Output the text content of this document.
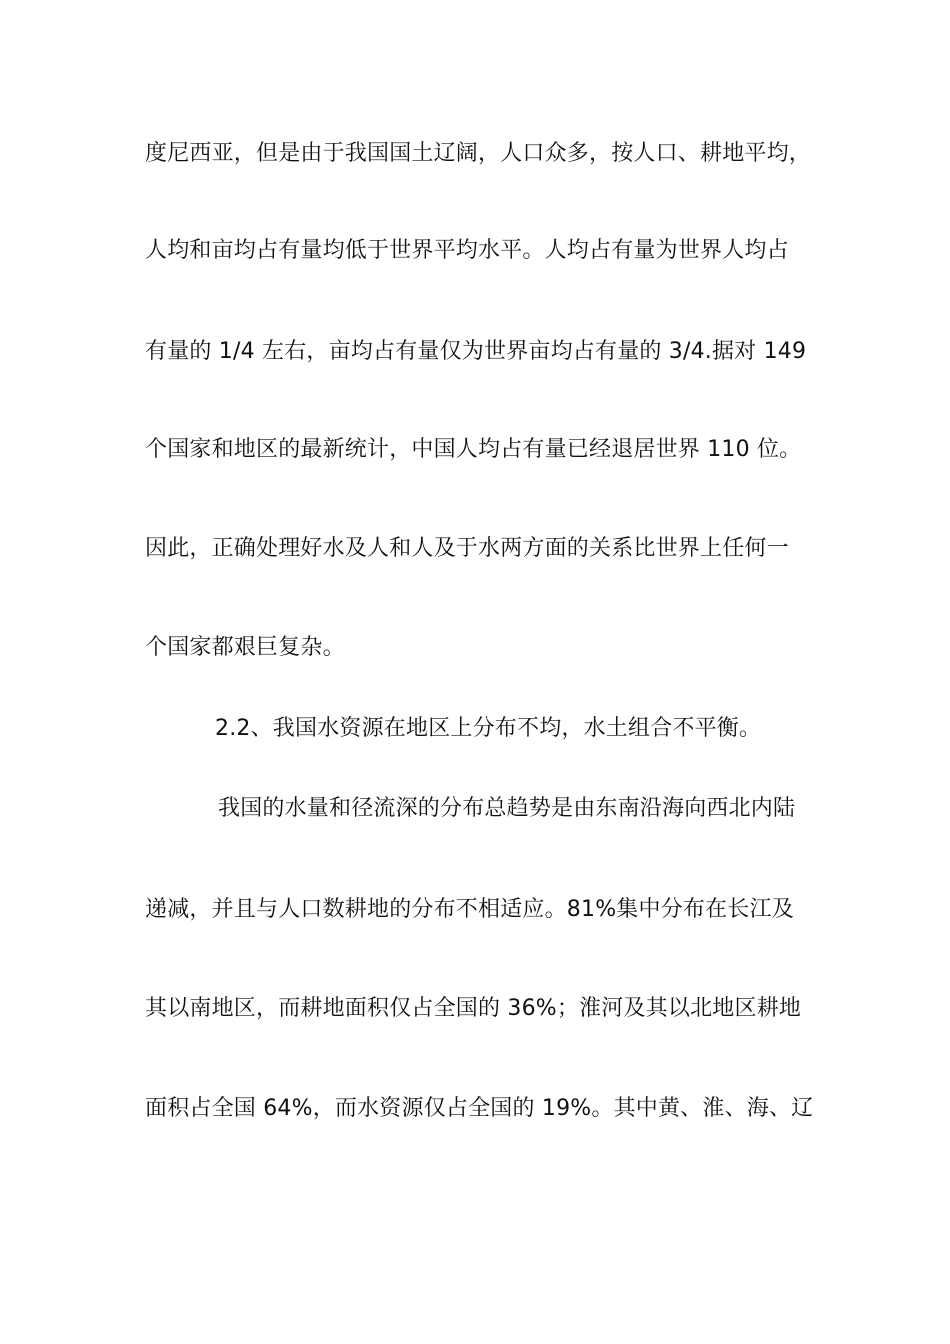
度尼西亚，但是由于我国国土辽阔，人口众多，按人口、耕地平均，
人均和亩均占有量均低于世界平均水平。人均占有量为世界人均占
有量的 1/4 左右，亩均占有量仅为世界亩均占有量的 3/4.据对 149
个国家和地区的最新统计，中国人均占有量已经退居世界 110 位。
因此，正确处理好水及人和人及于水两方面的关系比世界上任何一
个国家都艰巨复杂。
2.2、我国水资源在地区上分布不均，水土组合不平衡。
我国的水量和径流深的分布总趋势是由东南沿海向西北内陆
递减，并且与人口数耕地的分布不相适应。81%集中分布在长江及
其以南地区，而耕地面积仅占全国的 36%；淮河及其以北地区耕地
面积占全国 64%，而水资源仅占全国的 19%。其中黄、淮、海、辽
